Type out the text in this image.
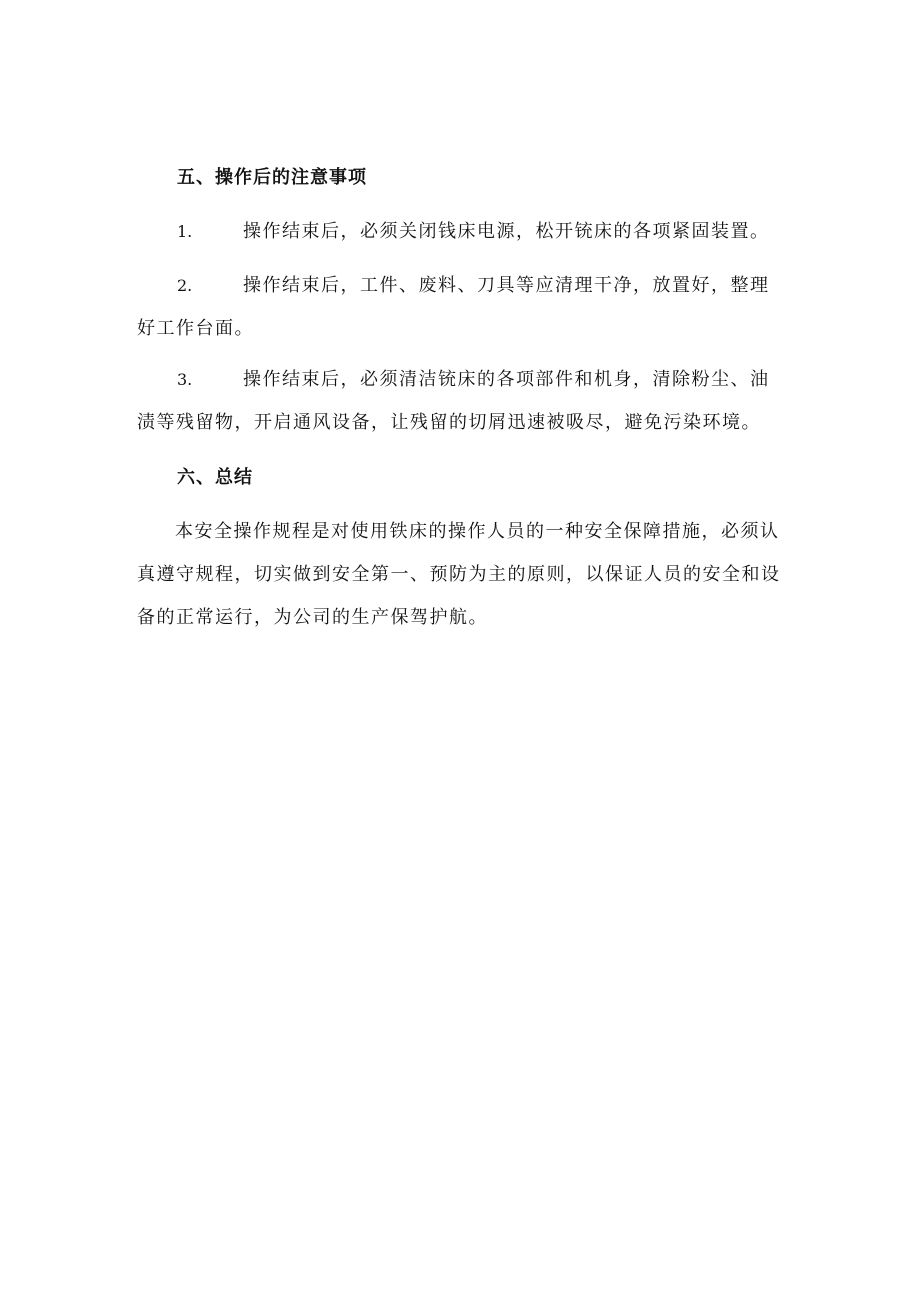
五、操作后的注意事项
1.	操作结束后，必须关闭钱床电源，松开铳床的各项紧固装置。
2.	操作结束后，工件、废料、刀具等应清理干净，放置好，整理好工作台面。
3.	操作结束后，必须清洁铳床的各项部件和机身，清除粉尘、油渍等残留物，开启通风设备，让残留的切屑迅速被吸尽，避免污染环境。
六、总结
本安全操作规程是对使用铁床的操作人员的一种安全保障措施，必须认真遵守规程，切实做到安全第一、预防为主的原则，以保证人员的安全和设备的正常运行，为公司的生产保驾护航。
